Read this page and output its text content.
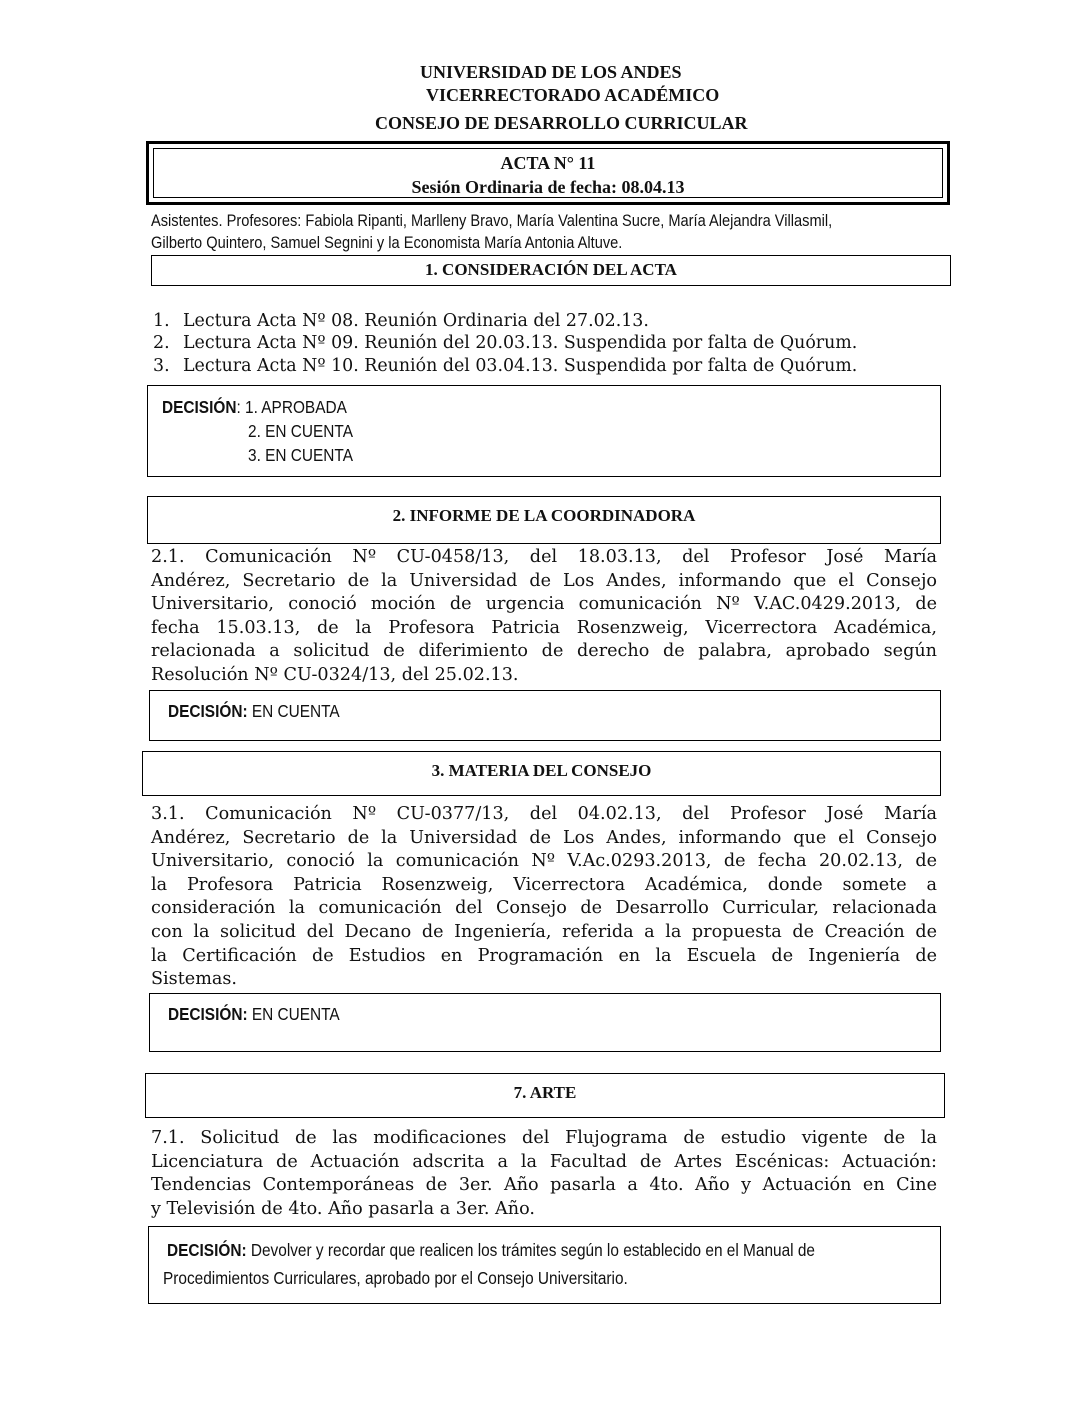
UNIVERSIDAD DE LOS ANDES
VICERRECTORADO ACADÉMICO
CONSEJO DE DESARROLLO CURRICULAR
ACTA N° 11
Sesión Ordinaria de fecha: 08.04.13
Asistentes. Profesores: Fabiola Ripanti, Marlleny Bravo, María Valentina Sucre, María Alejandra Villasmil,
Gilberto Quintero, Samuel Segnini y la Economista María Antonia Altuve.
1. CONSIDERACIÓN DEL ACTA
1. Lectura Acta Nº 08. Reunión Ordinaria del 27.02.13.
2. Lectura Acta Nº 09. Reunión del 20.03.13. Suspendida por falta de Quórum.
3. Lectura Acta Nº 10. Reunión del 03.04.13. Suspendida por falta de Quórum.
DECISIÓN: 1. APROBADA
2. EN CUENTA
3. EN CUENTA
2. INFORME DE LA COORDINADORA
2.1. Comunicación Nº CU-0458/13, del 18.03.13, del Profesor José María
Andérez, Secretario de la Universidad de Los Andes, informando que el Consejo
Universitario, conoció moción de urgencia comunicación Nº V.AC.0429.2013, de
fecha 15.03.13, de la Profesora Patricia Rosenzweig, Vicerrectora Académica,
relacionada a solicitud de diferimiento de derecho de palabra, aprobado según
Resolución Nº CU-0324/13, del 25.02.13.
DECISIÓN: EN CUENTA
3. MATERIA DEL CONSEJO
3.1. Comunicación Nº CU-0377/13, del 04.02.13, del Profesor José María
Andérez, Secretario de la Universidad de Los Andes, informando que el Consejo
Universitario, conoció la comunicación Nº V.Ac.0293.2013, de fecha 20.02.13, de
la Profesora Patricia Rosenzweig, Vicerrectora Académica, donde somete a
consideración la comunicación del Consejo de Desarrollo Curricular, relacionada
con la solicitud del Decano de Ingeniería, referida a la propuesta de Creación de
la Certificación de Estudios en Programación en la Escuela de Ingeniería de
Sistemas.
DECISIÓN: EN CUENTA
7. ARTE
7.1. Solicitud de las modificaciones del Flujograma de estudio vigente de la
Licenciatura de Actuación adscrita a la Facultad de Artes Escénicas: Actuación:
Tendencias Contemporáneas de 3er. Año pasarla a 4to. Año y Actuación en Cine
y Televisión de 4to. Año pasarla a 3er. Año.
DECISIÓN: Devolver y recordar que realicen los trámites según lo establecido en el Manual de
Procedimientos Curriculares, aprobado por el Consejo Universitario.
